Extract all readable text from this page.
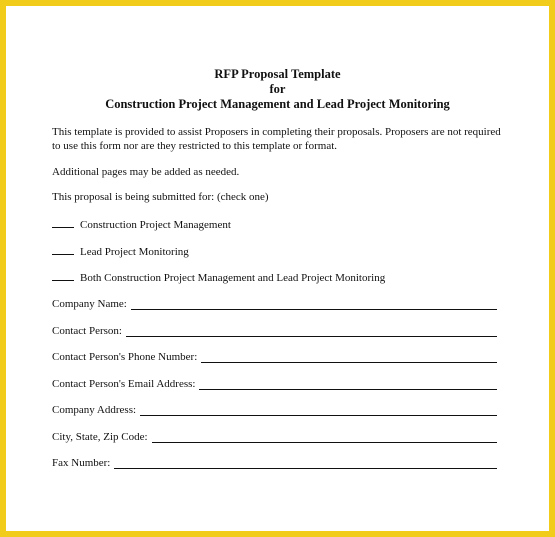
RFP Proposal Template
for
Construction Project Management and Lead Project Monitoring

This template is provided to assist Proposers in completing their proposals. Proposers are not required to use this form nor are they restricted to this template or format.

Additional pages may be added as needed.

This proposal is being submitted for: (check one)

Construction Project Management
Lead Project Monitoring
Both Construction Project Management and Lead Project Monitoring
Company Name:
Contact Person:
Contact Person's Phone Number:
Contact Person's Email Address:
Company Address:
City, State, Zip Code:
Fax Number:
